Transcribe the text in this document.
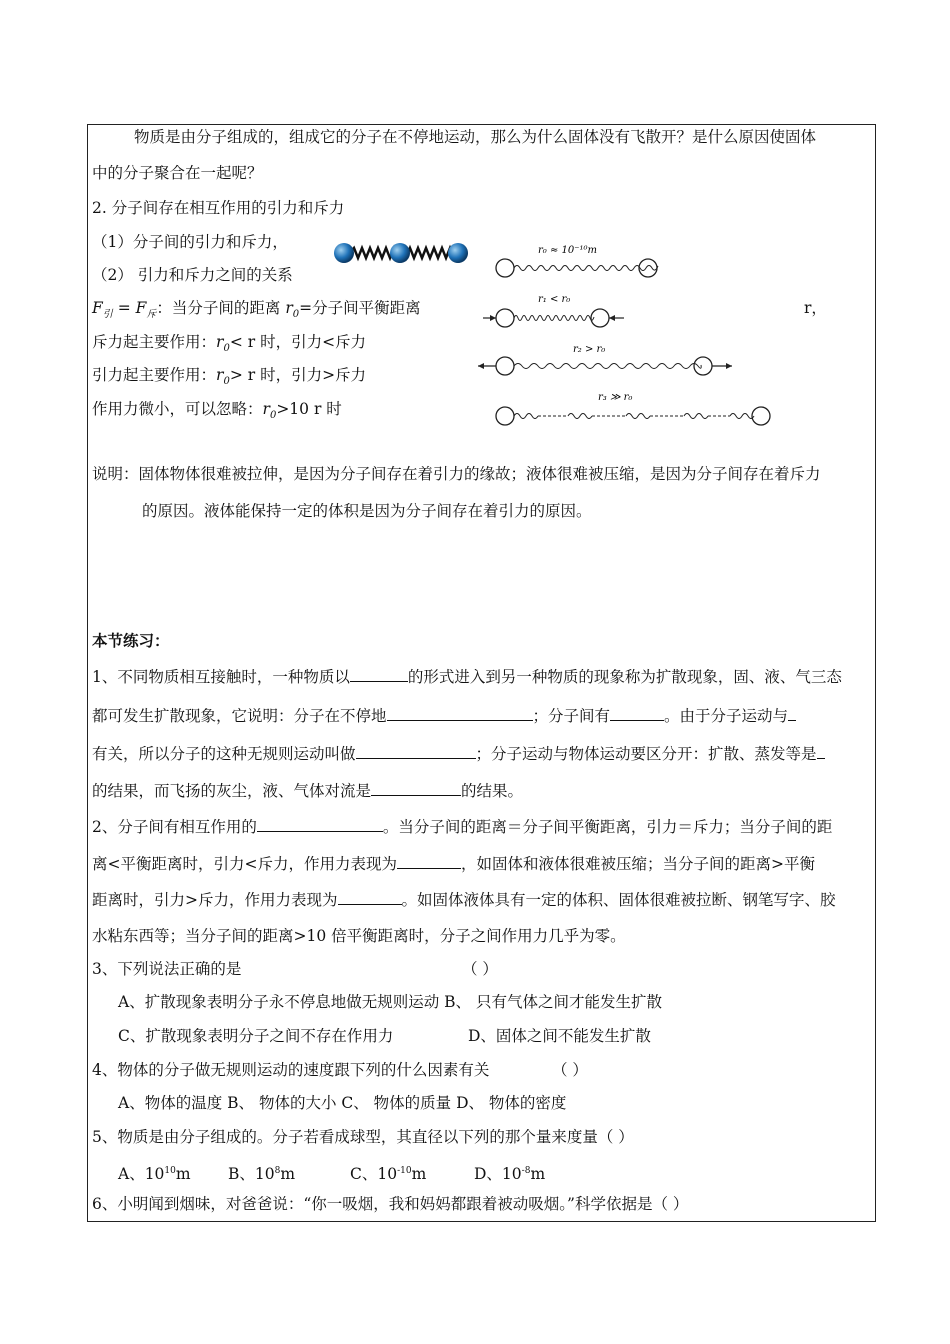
物质是由分子组成的，组成它的分子在不停地运动，那么为什么固体没有飞散开？是什么原因使固体
中的分子聚合在一起呢？
2. 分子间存在相互作用的引力和斥力
（1）分子间的引力和斥力，
（2） 引力和斥力之间的关系
$F_引 = F_斥$：当分子间的距离 $r_0=$分子间平衡距离	r，
斥力起主要作用：$r_0< r$ 时，引力<斥力
引力起主要作用：$r_0> r$ 时，引力>斥力
作用力微小，可以忽略：$r_0>10$ r 时
r₀ ≈ 10⁻¹⁰m
r₁ < r₀
r₂ > r₀
r₃ ≫ r₀
说明：固体物体很难被拉伸，是因为分子间存在着引力的缘故；液体很难被压缩，是因为分子间存在着斥力
的原因。液体能保持一定的体积是因为分子间存在着引力的原因。
本节练习：
1、不同物质相互接触时，一种物质以	的形式进入到另一种物质的现象称为扩散现象，固、液、气三态
都可发生扩散现象，它说明：分子在不停地	；分子间有	。由于分子运动与
有关，所以分子的这种无规则运动叫做	；分子运动与物体运动要区分开：扩散、蒸发等是
的结果，而飞扬的灰尘，液、气体对流是	的结果。
2、分子间有相互作用的	。当分子间的距离＝分子间平衡距离，引力＝斥力；当分子间的距
离<平衡距离时，引力<斥力，作用力表现为	，如固体和液体很难被压缩；当分子间的距离>平衡
距离时，引力>斥力，作用力表现为	。如固体液体具有一定的体积、固体很难被拉断、钢笔写字、胶
水粘东西等；当分子间的距离>10 倍平衡距离时，分子之间作用力几乎为零。
3、下列说法正确的是	（ ）
A、扩散现象表明分子永不停息地做无规则运动 B、 只有气体之间才能发生扩散
C、扩散现象表明分子之间不存在作用力	D、固体之间不能发生扩散
4、物体的分子做无规则运动的速度跟下列的什么因素有关	（ ）
A、物体的温度 B、 物体的大小 C、 物体的质量 D、 物体的密度
5、物质是由分子组成的。分子若看成球型，其直径以下列的那个量来度量（ ）
A、$10^{10}m$ B、$10^8m$	C、$10^{-10}m$	D、$10^{-8}m$
6、小明闻到烟味，对爸爸说：“你一吸烟，我和妈妈都跟着被动吸烟。”科学依据是（ ）
